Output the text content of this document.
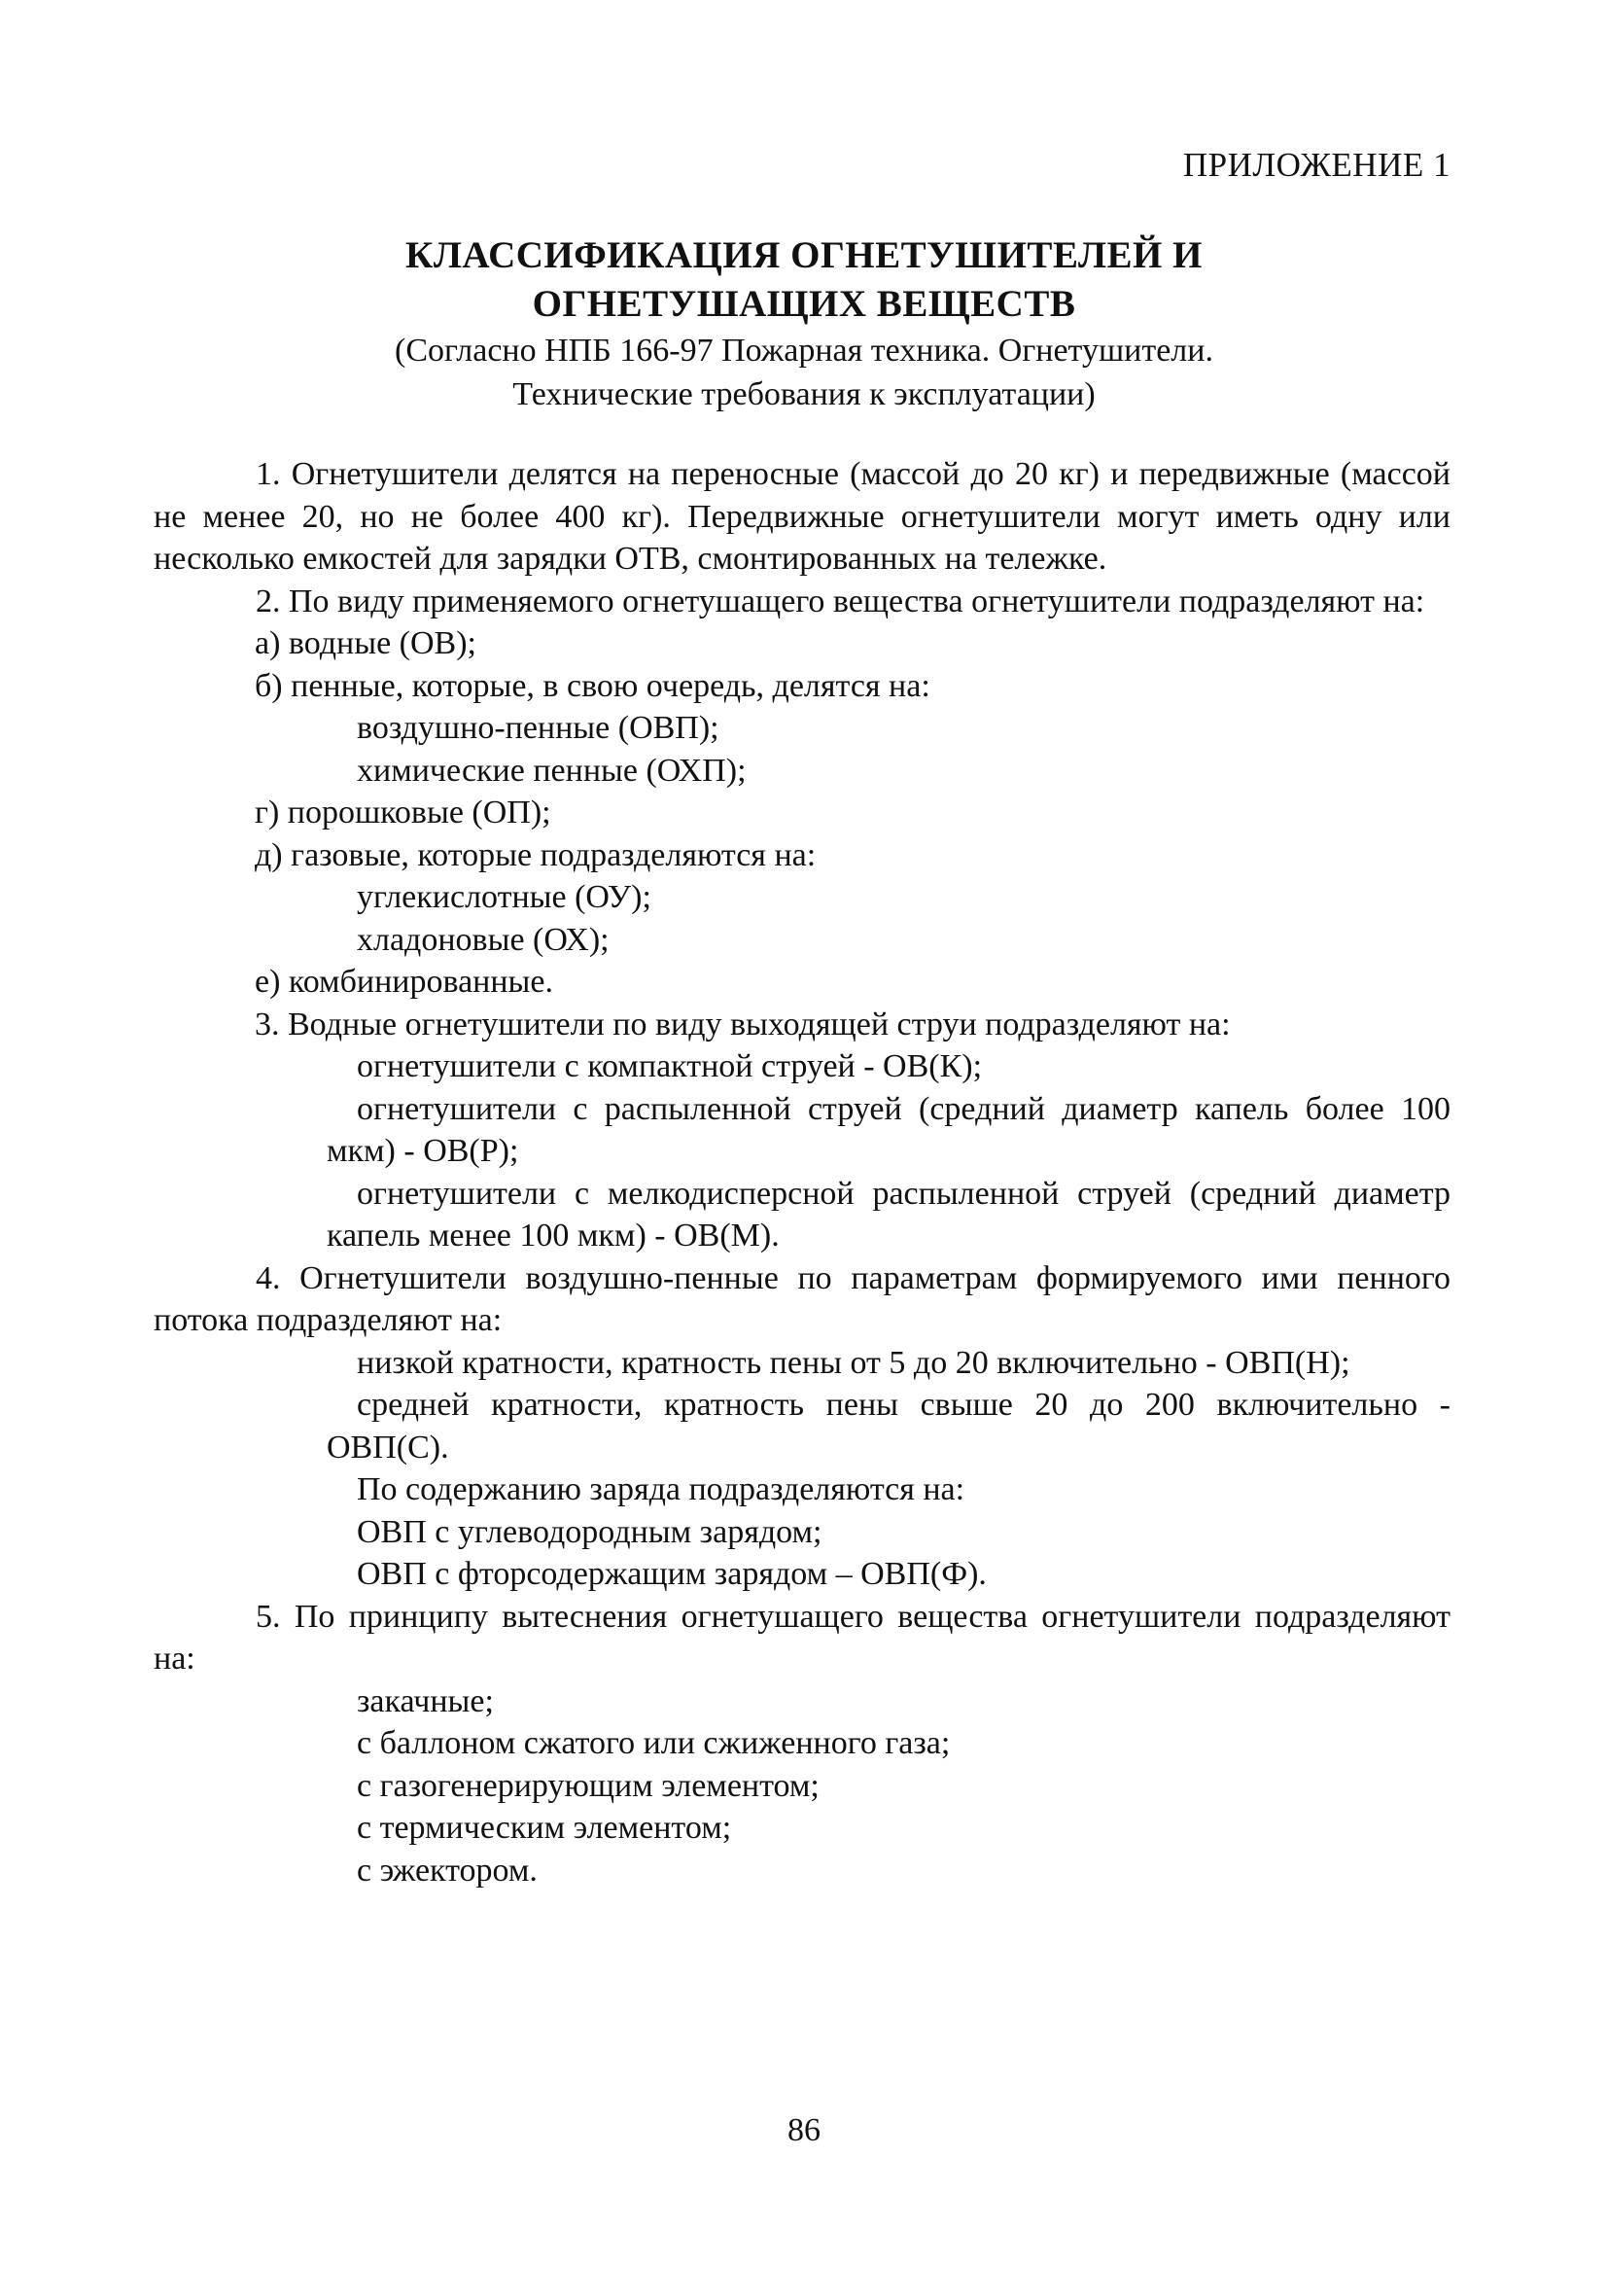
ПРИЛОЖЕНИЕ 1
КЛАССИФИКАЦИЯ ОГНЕТУШИТЕЛЕЙ И
ОГНЕТУШАЩИХ ВЕЩЕСТВ
(Согласно НПБ 166-97 Пожарная техника. Огнетушители.
Технические требования к эксплуатации)

1. Огнетушители делятся на переносные (массой до 20 кг) и передвижные (массой не менее 20, но не более 400 кг). Передвижные огнетушители могут иметь одну или несколько емкостей для зарядки ОТВ, смонтированных на тележке.

2. По виду применяемого огнетушащего вещества огнетушители подразделяют на:

а) водные (ОВ);

б) пенные, которые, в свою очередь, делятся на:

воздушно-пенные (ОВП);

химические пенные (ОХП);

г) порошковые (ОП);

д) газовые, которые подразделяются на:

углекислотные (ОУ);

хладоновые (ОХ);

е) комбинированные.

3. Водные огнетушители по виду выходящей струи подразделяют на:

огнетушители с компактной струей - ОВ(К);

огнетушители с распыленной струей (средний диаметр капель более 100 мкм) - ОВ(Р);

огнетушители с мелкодисперсной распыленной струей (средний диаметр капель менее 100 мкм) - ОВ(М).

4. Огнетушители воздушно-пенные по параметрам формируемого ими пенного потока подразделяют на:

низкой кратности, кратность пены от 5 до 20 включительно - ОВП(Н);

средней кратности, кратность пены свыше 20 до 200 включительно - ОВП(С).

По содержанию заряда подразделяются на:

ОВП с углеводородным зарядом;

ОВП с фторсодержащим зарядом – ОВП(Ф).

5. По принципу вытеснения огнетушащего вещества огнетушители подразделяют на:

закачные;

с баллоном сжатого или сжиженного газа;

с газогенерирующим элементом;

с термическим элементом;

с эжектором.

86
